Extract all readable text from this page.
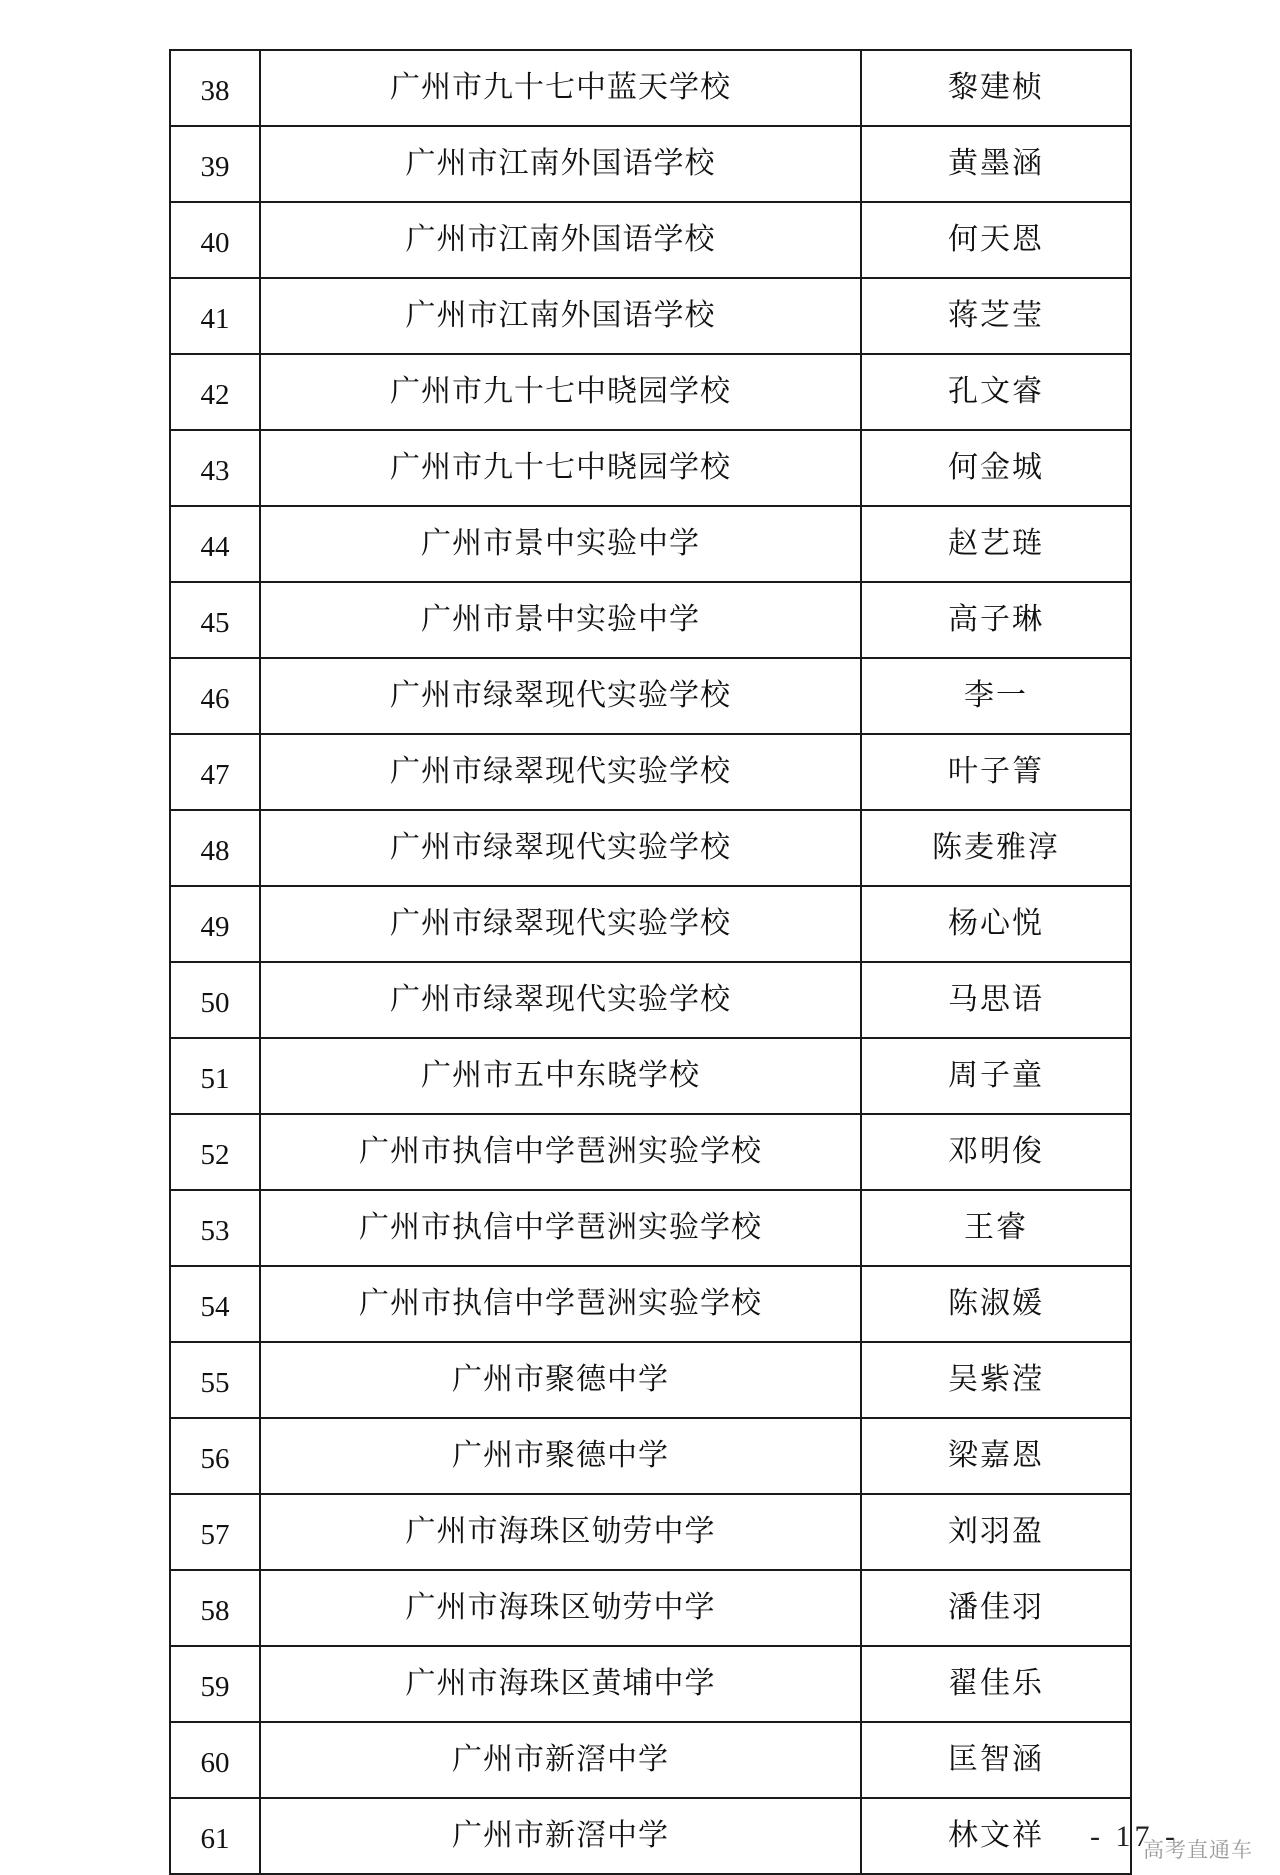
38	广州市九十七中蓝天学校	黎建桢
39	广州市江南外国语学校	黄墨涵
40	广州市江南外国语学校	何天恩
41	广州市江南外国语学校	蒋芝莹
42	广州市九十七中晓园学校	孔文睿
43	广州市九十七中晓园学校	何金城
44	广州市景中实验中学	赵艺琏
45	广州市景中实验中学	高子琳
46	广州市绿翠现代实验学校	李一
47	广州市绿翠现代实验学校	叶子箐
48	广州市绿翠现代实验学校	陈麦雅淳
49	广州市绿翠现代实验学校	杨心悦
50	广州市绿翠现代实验学校	马思语
51	广州市五中东晓学校	周子童
52	广州市执信中学琶洲实验学校	邓明俊
53	广州市执信中学琶洲实验学校	王睿
54	广州市执信中学琶洲实验学校	陈淑媛
55	广州市聚德中学	吴紫滢
56	广州市聚德中学	梁嘉恩
57	广州市海珠区劬劳中学	刘羽盈
58	广州市海珠区劬劳中学	潘佳羽
59	广州市海珠区黄埔中学	翟佳乐
60	广州市新滘中学	匡智涵
61	广州市新滘中学	林文祥 - 17 -
高考直通车
